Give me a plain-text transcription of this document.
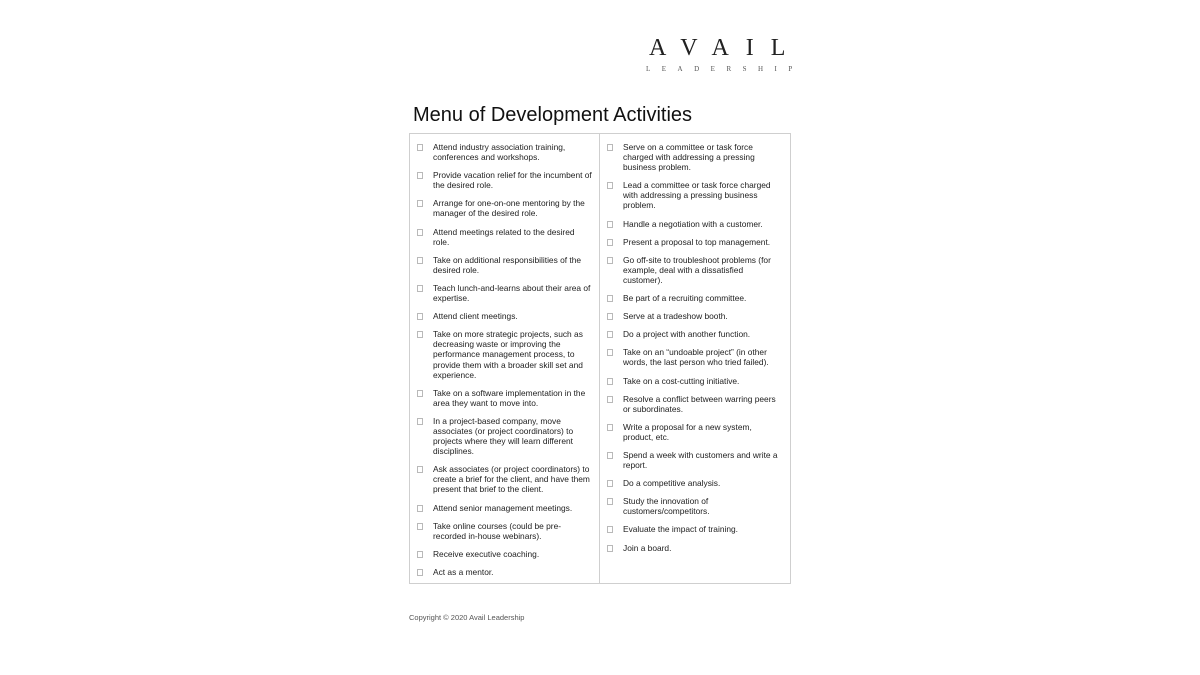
AVAIL
LEADERSHIP
Menu of Development Activities
Attend industry association training, conferences and workshops.
Provide vacation relief for the incumbent of the desired role.
Arrange for one-on-one mentoring by the manager of the desired role.
Attend meetings related to the desired role.
Take on additional responsibilities of the desired role.
Teach lunch-and-learns about their area of expertise.
Attend client meetings.
Take on more strategic projects, such as decreasing waste or improving the performance management process, to provide them with a broader skill set and experience.
Take on a software implementation in the area they want to move into.
In a project-based company, move associates (or project coordinators) to projects where they will learn different disciplines.
Ask associates (or project coordinators) to create a brief for the client, and have them present that brief to the client.
Attend senior management meetings.
Take online courses (could be pre-recorded in-house webinars).
Receive executive coaching.
Act as a mentor.
Serve on a committee or task force charged with addressing a pressing business problem.
Lead a committee or task force charged with addressing a pressing business problem.
Handle a negotiation with a customer.
Present a proposal to top management.
Go off-site to troubleshoot problems (for example, deal with a dissatisfied customer).
Be part of a recruiting committee.
Serve at a tradeshow booth.
Do a project with another function.
Take on an “undoable project” (in other words, the last person who tried failed).
Take on a cost-cutting initiative.
Resolve a conflict between warring peers or subordinates.
Write a proposal for a new system, product, etc.
Spend a week with customers and write a report.
Do a competitive analysis.
Study the innovation of customers/competitors.
Evaluate the impact of training.
Join a board.
Copyright © 2020 Avail Leadership
